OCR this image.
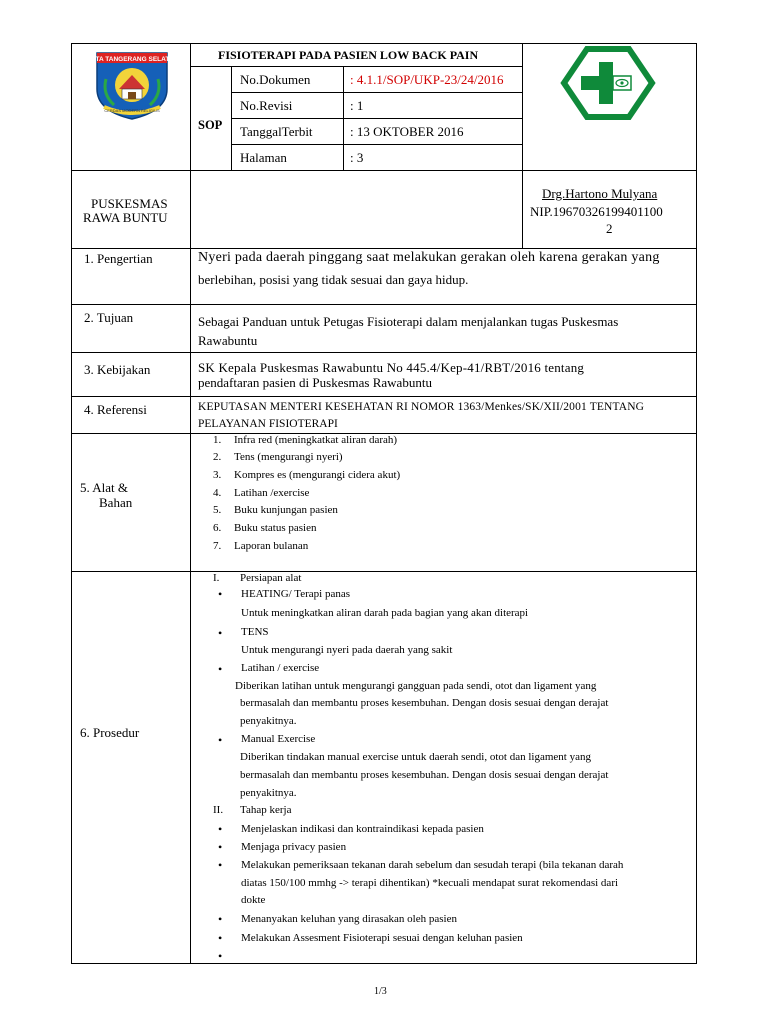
KOTA TANGERANG SELATAN
CERDAS MODERN RELIGIUS
FISIOTERAPI PADA PASIEN LOW BACK PAIN
SOP
No.Dokumen	: 4.1.1/SOP/UKP-23/24/2016
No.Revisi	: 1
TanggalTerbit	: 13 OKTOBER 2016
Halaman	: 3
PUSKESMAS
RAWA BUNTU
Drg.Hartono Mulyana
NIP.19670326199401100
2
1. Pengertian	Nyeri pada daerah pinggang saat melakukan gerakan oleh karena gerakan yang
berlebihan, posisi yang tidak sesuai dan gaya hidup.
2. Tujuan	Sebagai Panduan untuk Petugas Fisioterapi dalam menjalankan tugas Puskesmas
Rawabuntu
3. Kebijakan	SK Kepala Puskesmas Rawabuntu No 445.4/Kep-41/RBT/2016 tentang
pendaftaran pasien di Puskesmas Rawabuntu
4. Referensi	KEPUTASAN MENTERI KESEHATAN RI NOMOR 1363/Menkes/SK/XII/2001 TENTANG
PELAYANAN FISIOTERAPI
5. Alat &
Bahan
1. Infra red (meningkatkat aliran darah)
2. Tens (mengurangi nyeri)
3. Kompres es (mengurangi cidera akut)
4. Latihan /exercise
5. Buku kunjungan pasien
6. Buku status pasien
7. Laporan bulanan
6. Prosedur
I. Persiapan alat
• HEATING/ Terapi panas
Untuk meningkatkan aliran darah pada bagian yang akan diterapi
• TENS
Untuk mengurangi nyeri pada daerah yang sakit
• Latihan / exercise
Diberikan latihan untuk mengurangi gangguan pada sendi, otot dan ligament yang
bermasalah dan membantu proses kesembuhan. Dengan dosis sesuai dengan derajat
penyakitnya.
• Manual Exercise
Diberikan tindakan manual exercise untuk daerah sendi, otot dan ligament yang
bermasalah dan membantu proses kesembuhan. Dengan dosis sesuai dengan derajat
penyakitnya.
II. Tahap kerja
• Menjelaskan indikasi dan kontraindikasi kepada pasien
• Menjaga privacy pasien
• Melakukan pemeriksaan tekanan darah sebelum dan sesudah terapi (bila tekanan darah
diatas 150/100 mmhg -> terapi dihentikan) *kecuali mendapat surat rekomendasi dari
dokte
• Menanyakan keluhan yang dirasakan oleh pasien
• Melakukan Assesment Fisioterapi sesuai dengan keluhan pasien
•
1/3
